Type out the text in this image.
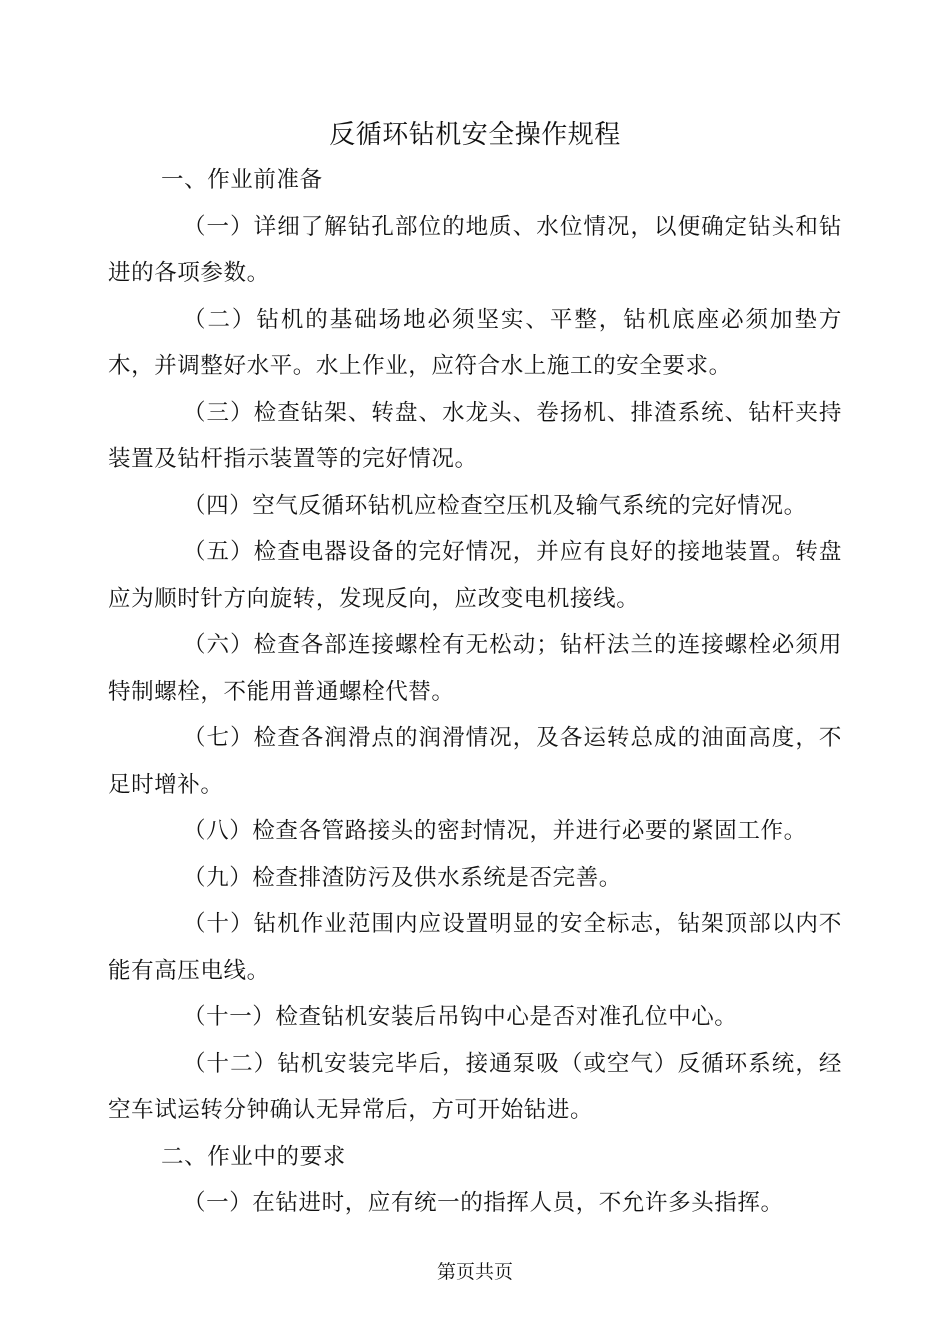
反循环钻机安全操作规程

一、作业前准备

（一）详细了解钻孔部位的地质、水位情况，以便确定钻头和钻进的各项参数。

（二）钻机的基础场地必须坚实、平整，钻机底座必须加垫方木，并调整好水平。水上作业，应符合水上施工的安全要求。

（三）检查钻架、转盘、水龙头、卷扬机、排渣系统、钻杆夹持装置及钻杆指示装置等的完好情况。

（四）空气反循环钻机应检查空压机及输气系统的完好情况。

（五）检查电器设备的完好情况，并应有良好的接地装置。转盘应为顺时针方向旋转，发现反向，应改变电机接线。

（六）检查各部连接螺栓有无松动；钻杆法兰的连接螺栓必须用特制螺栓，不能用普通螺栓代替。

（七）检查各润滑点的润滑情况，及各运转总成的油面高度，不足时增补。

（八）检查各管路接头的密封情况，并进行必要的紧固工作。

（九）检查排渣防污及供水系统是否完善。

（十）钻机作业范围内应设置明显的安全标志，钻架顶部以内不能有高压电线。

（十一）检查钻机安装后吊钩中心是否对准孔位中心。

（十二）钻机安装完毕后，接通泵吸（或空气）反循环系统，经空车试运转分钟确认无异常后，方可开始钻进。

二、作业中的要求

（一）在钻进时，应有统一的指挥人员，不允许多头指挥。

第页共页
